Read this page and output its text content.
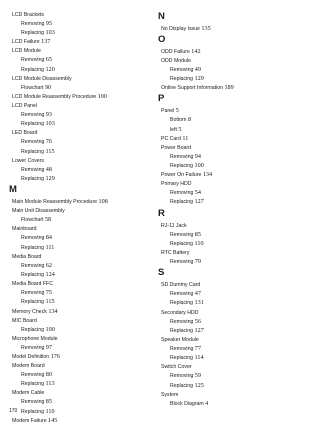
LCD Brackets
Removing 95
Replacing 103
LCD Failure 137
LCD Module
Removing 65
Replacing 120
LCD Module Disassembly
Flowchart 90
LCD Module Reassembly Procedure 100
LCD Panel
Removing 93
Replacing 103
LED Board
Removing 76
Replacing 115
Lower Covers
Removing 48
Replacing 129
M
Main Module Reassembly Procedure 108
Main Unit Disassembly
Flowchart 58
Mainboard
Removing 84
Replacing 111
Media Board
Removing 62
Replacing 124
Media Board FFC
Removing 75
Replacing 115
Memory Check 134
MIC Board
Replacing 100
Microphone Module
Removing 97
Model Definition 176
Modem Board
Removing 80
Replacing 113
Modem Cable
Removing 85
Replacing 110
Modem Failure 145
N
No Display Issue 135
O
ODD Failure 142
ODD Module
Removing 49
Replacing 129
Online Support Information 189
P
Panel 5
Bottom 8
left 5
PC Card 11
Power Board
Removing 94
Replacing 100
Power On Failure 134
Primary HDD
Removing 54
Replacing 127
R
RJ-11 Jack
Removing 85
Replacing 110
RTC Battery
Removing 79
S
SD Dummy Card
Removing 47
Replacing 131
Secondary HDD
Removing 56
Replacing 127
Speaker Module
Removing 77
Replacing 114
Switch Cover
Removing 59
Replacing 125
System
Block Diagram 4
170
